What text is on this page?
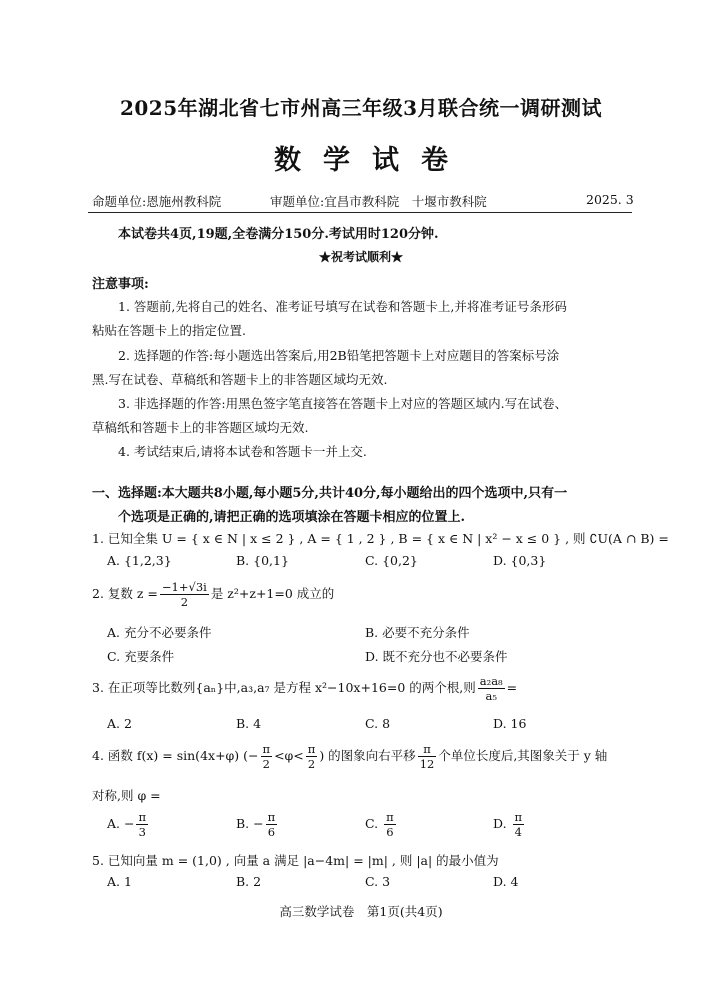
2025年湖北省七市州高三年级3月联合统一调研测试
数学试卷
命题单位:恩施州教科院	审题单位:宜昌市教科院　十堰市教科院	2025. 3
本试卷共4页,19题,全卷满分150分.考试用时120分钟.
★祝考试顺利★
注意事项:
1. 答题前,先将自己的姓名、准考证号填写在试卷和答题卡上,并将准考证号条形码
粘贴在答题卡上的指定位置.
2. 选择题的作答:每小题选出答案后,用2B铅笔把答题卡上对应题目的答案标号涂
黑.写在试卷、草稿纸和答题卡上的非答题区域均无效.
3. 非选择题的作答:用黑色签字笔直接答在答题卡上对应的答题区域内.写在试卷、
草稿纸和答题卡上的非答题区域均无效.
4. 考试结束后,请将本试卷和答题卡一并上交.
一、选择题:本大题共8小题,每小题5分,共计40分,每小题给出的四个选项中,只有一
个选项是正确的,请把正确的选项填涂在答题卡相应的位置上.
1. 已知全集 U = { x ∈ N | x ≤ 2 } , A = { 1 , 2 } , B = { x ∈ N | x² − x ≤ 0 } , 则 ∁U(A ∩ B) =
A. {1,2,3}	B. {0,1}	C. {0,2}	D. {0,3}
2. 复数 $z = \frac{-1+√3i}{2}$ 是 z²+z+1=0 成立的
A. 充分不必要条件	B. 必要不充分条件
C. 充要条件	D. 既不充分也不必要条件
3. 在正项等比数列{aₙ}中,a₃,a₇ 是方程 x²−10x+16=0 的两个根,则 $\frac{\text{a₂a₈}}{\text{a₅}}$ =
A. 2	B. 4	C. 8	D. 16
4. 函数 f(x) = sin(4x+φ) (− $\frac{\pi}{2} <\varphi< \frac{\pi}{2}$ ) 的图象向右平移 $\frac{\pi}{12}$ 个单位长度后,其图象关于 y 轴
对称,则 φ =
A. − $\frac{\pi}{3}$	B. − $\frac{\pi}{6}$	C. $\frac{\pi}{6}$	D. $\frac{\pi}{4}$
5. 已知向量 m = (1,0) , 向量 a 满足 |a−4m| = |m| , 则 |a| 的最小值为
A. 1	B. 2	C. 3	D. 4
高三数学试卷　第1页(共4页)
